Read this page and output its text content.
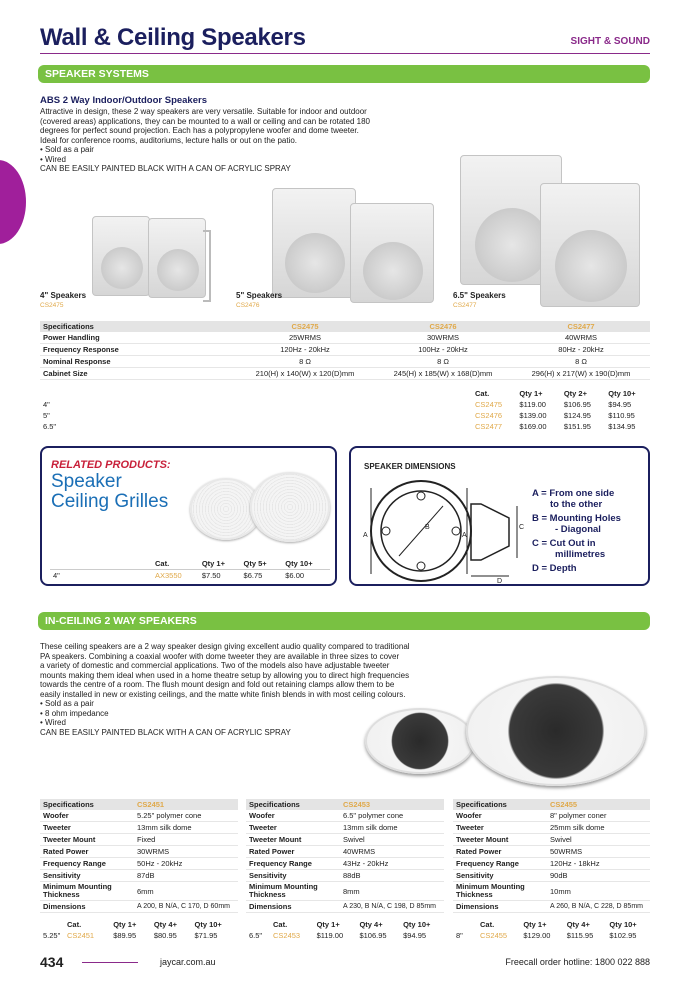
Wall & Ceiling Speakers	SIGHT & SOUND
SPEAKER SYSTEMS
ABS 2 Way Indoor/Outdoor Speakers
Attractive in design, these 2 way speakers are very versatile. Suitable for indoor and outdoor
(covered areas) applications, they can be mounted to a wall or ceiling and can be rotated 180
degrees for perfect sound projection. Each has a polypropylene woofer and dome tweeter.
Ideal for conference rooms, auditoriums, lecture halls or out on the patio.
• Sold as a pair
• Wired
CAN BE EASILY PAINTED BLACK WITH A CAN OF ACRYLIC SPRAY
4" Speakers
CS2475
5" Speakers
CS2476
6.5" Speakers
CS2477
Specifications	CS2475	CS2476	CS2477
Power Handling	25WRMS	30WRMS	40WRMS
Frequency Response	120Hz - 20kHz	100Hz - 20kHz	80Hz - 20kHz
Nominal Response	8 Ω	8 Ω	8 Ω
Cabinet Size	210(H) x 140(W) x 120(D)mm	245(H) x 185(W) x 168(D)mm	296(H) x 217(W) x 190(D)mm
	Cat.	Qty 1+	Qty 2+	Qty 10+
4"	CS2475	$119.00	$106.95	$94.95
5"	CS2476	$139.00	$124.95	$110.95
6.5"	CS2477	$169.00	$151.95	$134.95
RELATED PRODUCTS:
Speaker
Ceiling Grilles
	Cat.	Qty 1+	Qty 5+	Qty 10+
4"	AX3550	$7.50	$6.75	$6.00
SPEAKER DIMENSIONS
A
B
A
C
D
A = From one side
to the other
B = Mounting Holes
- Diagonal
C = Cut Out in
millimetres
D = Depth
IN-CEILING 2 WAY SPEAKERS
These ceiling speakers are a 2 way speaker design giving excellent audio quality compared to traditional
PA speakers. Combining a coaxial woofer with dome tweeter they are available in three sizes to cover
a variety of domestic and commercial applications. Two of the models also have adjustable tweeter
mounts making them ideal when used in a home theatre setup by allowing you to direct high frequencies
towards the centre of a room. The flush mount design and fold out retaining clamps allow them to be
easily installed in new or existing ceilings, and the matte white finish blends in with most ceiling colours.
• Sold as a pair
• 8 ohm impedance
• Wired
CAN BE EASILY PAINTED BLACK WITH A CAN OF ACRYLIC SPRAY
Specifications	CS2451
Woofer	5.25" polymer cone
Tweeter	13mm silk dome
Tweeter Mount	Fixed
Rated Power	30WRMS
Frequency Range	50Hz - 20kHz
Sensitivity	87dB
Minimum Mounting Thickness	6mm
Dimensions	A 200, B N/A, C 170, D 60mm
	Cat.	Qty 1+	Qty 4+	Qty 10+
5.25"	CS2451	$89.95	$80.95	$71.95
Specifications	CS2453
Woofer	6.5" polymer cone
Tweeter	13mm silk dome
Tweeter Mount	Swivel
Rated Power	40WRMS
Frequency Range	43Hz - 20kHz
Sensitivity	88dB
Minimum Mounting Thickness	8mm
Dimensions	A 230, B N/A, C 198, D 85mm
	Cat.	Qty 1+	Qty 4+	Qty 10+
6.5"	CS2453	$119.00	$106.95	$94.95
Specifications	CS2455
Woofer	8" polymer coner
Tweeter	25mm silk dome
Tweeter Mount	Swivel
Rated Power	50WRMS
Frequency Range	120Hz - 18kHz
Sensitivity	90dB
Minimum Mounting Thickness	10mm
Dimensions	A 260, B N/A, C 228, D 85mm
	Cat.	Qty 1+	Qty 4+	Qty 10+
8"	CS2455	$129.00	$115.95	$102.95
434	jaycar.com.au	Freecall order hotline: 1800 022 888
